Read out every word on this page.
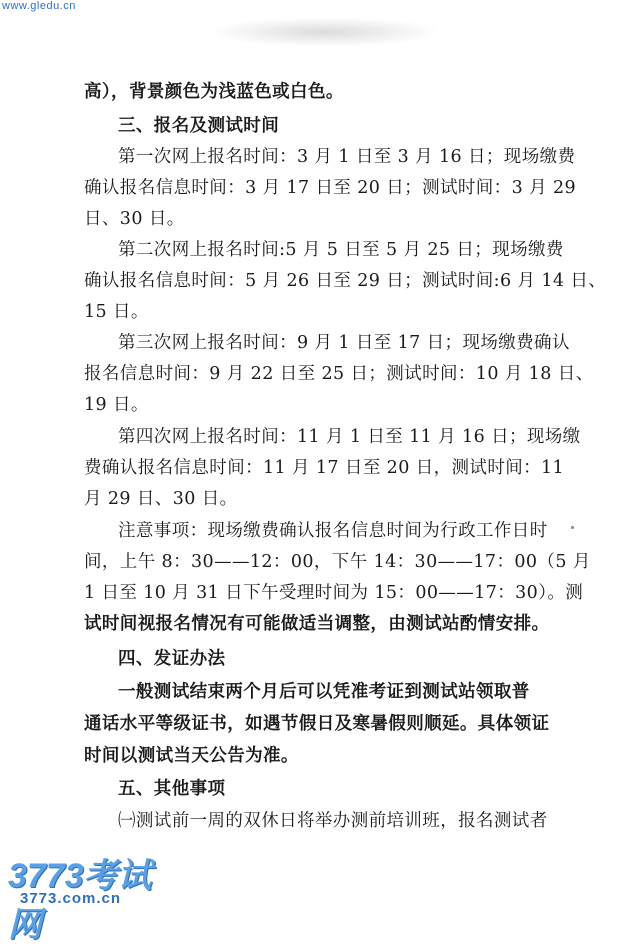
www.gledu.cn
高），背景颜色为浅蓝色或白色。
三、报名及测试时间
第一次网上报名时间：3 月 1 日至 3 月 16 日；现场缴费
确认报名信息时间：3 月 17 日至 20 日；测试时间：3 月 29
日、30 日。
第二次网上报名时间:5 月 5 日至 5 月 25 日；现场缴费
确认报名信息时间：5 月 26 日至 29 日；测试时间:6 月 14 日、
15 日。
第三次网上报名时间：9 月 1 日至 17 日；现场缴费确认
报名信息时间：9 月 22 日至 25 日；测试时间：10 月 18 日、
19 日。
第四次网上报名时间：11 月 1 日至 11 月 16 日；现场缴
费确认报名信息时间：11 月 17 日至 20 日，测试时间：11
月 29 日、30 日。
注意事项：现场缴费确认报名信息时间为行政工作日时
间，上午 8：30——12：00，下午 14：30——17：00（5 月
1 日至 10 月 31 日下午受理时间为 15：00——17：30）。测
试时间视报名情况有可能做适当调整，由测试站酌情安排。
四、发证办法
一般测试结束两个月后可以凭准考证到测试站领取普
通话水平等级证书，如遇节假日及寒暑假则顺延。具体领证
时间以测试当天公告为准。
五、其他事项
㈠测试前一周的双休日将举办测前培训班，报名测试者
3773考试网
3773.com.cn
